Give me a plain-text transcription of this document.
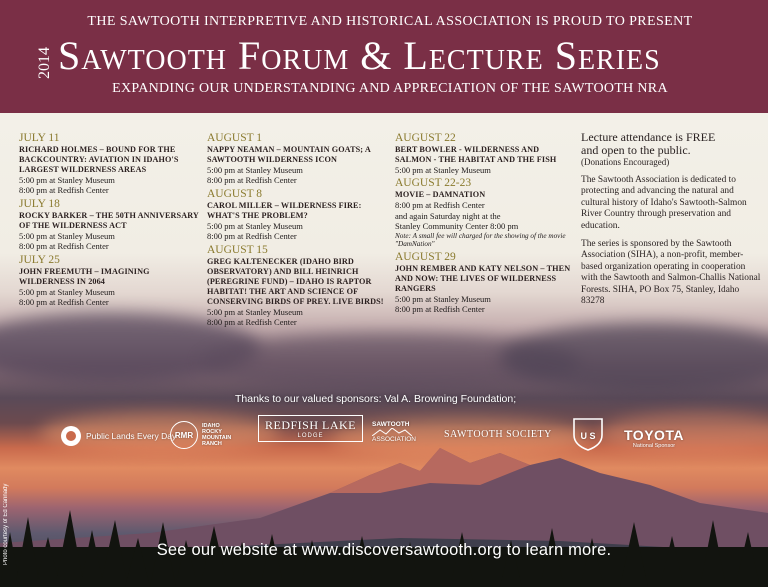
THE SAWTOOTH INTERPRETIVE AND HISTORICAL ASSOCIATION IS PROUD TO PRESENT
2014 Sawtooth Forum & Lecture Series
EXPANDING OUR UNDERSTANDING AND APPRECIATION OF THE SAWTOOTH NRA
JULY 11
RICHARD HOLMES – BOUND FOR THE BACKCOUNTRY: AVIATION IN IDAHO'S LARGEST WILDERNESS AREAS
5:00 pm at Stanley Museum
8:00 pm at Redfish Center
JULY 18
ROCKY BARKER – THE 50TH ANNIVERSARY OF THE WILDERNESS ACT
5:00 pm at Stanley Museum
8:00 pm at Redfish Center
JULY 25
JOHN FREEMUTH – IMAGINING WILDERNESS IN 2064
5:00 pm at Stanley Museum
8:00 pm at Redfish Center
AUGUST 1
NAPPY NEAMAN – MOUNTAIN GOATS; A SAWTOOTH WILDERNESS ICON
5:00 pm at Stanley Museum
8:00 pm at Redfish Center
AUGUST 8
CAROL MILLER – WILDERNESS FIRE: WHAT'S THE PROBLEM?
5:00 pm at Stanley Museum
8:00 pm at Redfish Center
AUGUST 15
GREG KALTENECKER (IDAHO BIRD OBSERVATORY) AND BILL HEINRICH (PEREGRINE FUND) – IDAHO IS RAPTOR HABITAT! THE ART AND SCIENCE OF CONSERVING BIRDS OF PREY. LIVE BIRDS!
5:00 pm at Stanley Museum
8:00 pm at Redfish Center
AUGUST 22
BERT BOWLER - WILDERNESS AND SALMON - THE HABITAT AND THE FISH
5:00 pm at Stanley Museum
AUGUST 22-23
MOVIE – DAMNATION
8:00 pm at Redfish Center
and again Saturday night at the
Stanley Community Center 8:00 pm
Note: A small fee will charged for the showing of the movie "DamNation"
AUGUST 29
JOHN REMBER AND KATY NELSON – THEN AND NOW: THE LIVES OF WILDERNESS RANGERS
5:00 pm at Stanley Museum
8:00 pm at Redfish Center
Lecture attendance is FREE
and open to the public.
(Donations Encouraged)

The Sawtooth Association is dedicated to protecting and advancing the natural and cultural history of Idaho's Sawtooth-Salmon River Country through preservation and education.

The series is sponsored by the Sawtooth Association (SIHA), a non-profit, member-based organization operating in cooperation with the Sawtooth and Salmon-Challis National Forests. SIHA, PO Box 75, Stanley, Idaho 83278

Thanks to our valued sponsors: Val A. Browning Foundation;
Public Lands Every Day
RMR
IDAHO
ROCKY
MOUNTAIN
RANCH
REDFISH LAKE
LODGE
SAWTOOTH
ASSOCIATION	SAWTOOTH SOCIETY	U S TOYOTA
National Sponsor
Photo courtesy of Ed Cannady	See our website at www.discoversawtooth.org to learn more.
